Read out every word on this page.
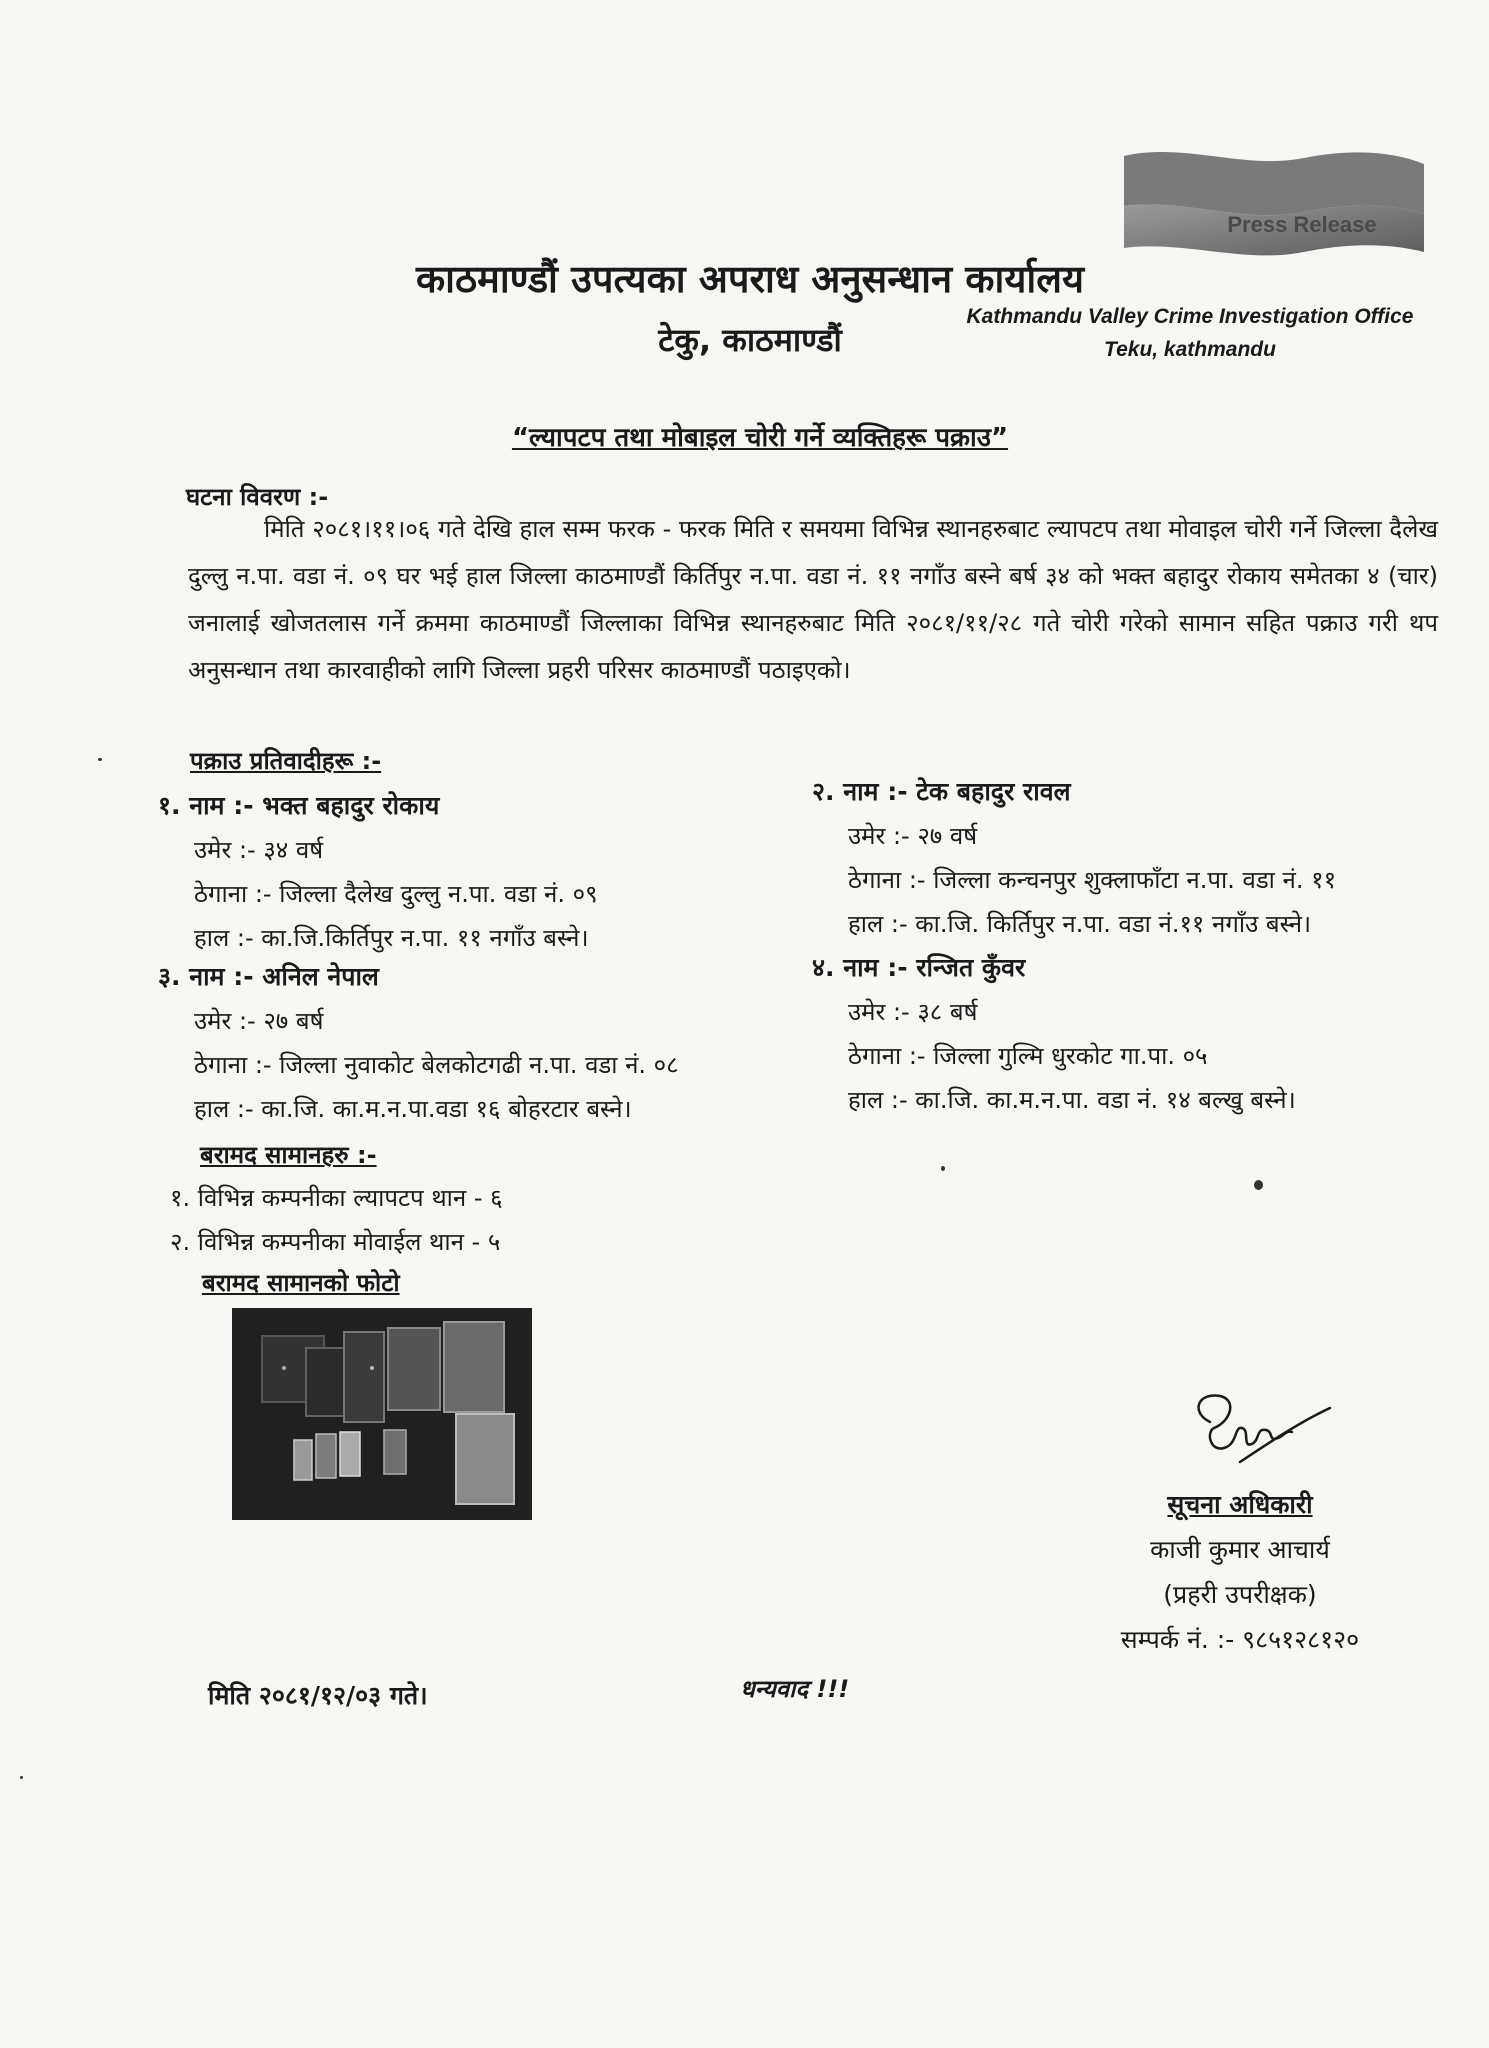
Press Release
काठमाण्डौं उपत्यका अपराध अनुसन्धान कार्यालय
टेकु, काठमाण्डौं
Kathmandu Valley Crime Investigation Office
Teku, kathmandu
“ल्यापटप तथा मोबाइल चोरी गर्ने व्यक्तिहरू पक्राउ”
घटना विवरण :-
मिति २०८१।११।०६ गते देखि हाल सम्म फरक - फरक मिति र समयमा विभिन्न स्थानहरुबाट ल्यापटप तथा मोवाइल चोरी गर्ने जिल्ला दैलेख दुल्लु न.पा. वडा नं. ०९ घर भई हाल जिल्ला काठमाण्डौं किर्तिपुर न.पा. वडा नं. ११ नगाँउ बस्ने बर्ष ३४ को भक्त बहादुर रोकाय समेतका ४ (चार) जनालाई खोजतलास गर्ने क्रममा काठमाण्डौं जिल्लाका विभिन्न स्थानहरुबाट मिति २०८१/११/२८ गते चोरी गरेको सामान सहित पक्राउ गरी थप अनुसन्धान तथा कारवाहीको लागि जिल्ला प्रहरी परिसर काठमाण्डौं पठाइएको।
पक्राउ प्रतिवादीहरू :-
१. नाम :- भक्त बहादुर रोकाय
उमेर :- ३४ वर्ष
ठेगाना :- जिल्ला दैलेख दुल्लु न.पा. वडा नं. ०९
हाल :- का.जि.किर्तिपुर न.पा. ११ नगाँउ बस्ने।
२. नाम :- टेक बहादुर रावल
उमेर :- २७ वर्ष
ठेगाना :- जिल्ला कन्चनपुर शुक्लाफाँटा न.पा. वडा नं. ११
हाल :- का.जि. किर्तिपुर न.पा. वडा नं.११ नगाँउ बस्ने।
३. नाम :- अनिल नेपाल
उमेर :- २७ बर्ष
ठेगाना :- जिल्ला नुवाकोट बेलकोटगढी न.पा. वडा नं. ०८
हाल :- का.जि. का.म.न.पा.वडा १६ बोहरटार बस्ने।
४. नाम :- रन्जित कुँवर
उमेर :- ३८ बर्ष
ठेगाना :- जिल्ला गुल्मि धुरकोट गा.पा. ०५
हाल :- का.जि. का.म.न.पा. वडा नं. १४ बल्खु बस्ने।
बरामद सामानहरु :-
१. विभिन्न कम्पनीका ल्यापटप थान - ६
२. विभिन्न कम्पनीका मोवाईल थान - ५
बरामद सामानको फोटो
सूचना अधिकारी
काजी कुमार आचार्य
(प्रहरी उपरीक्षक)
सम्पर्क नं. :- ९८५१२८१२०
मिति २०८१/१२/०३ गते।	धन्यवाद !!!
